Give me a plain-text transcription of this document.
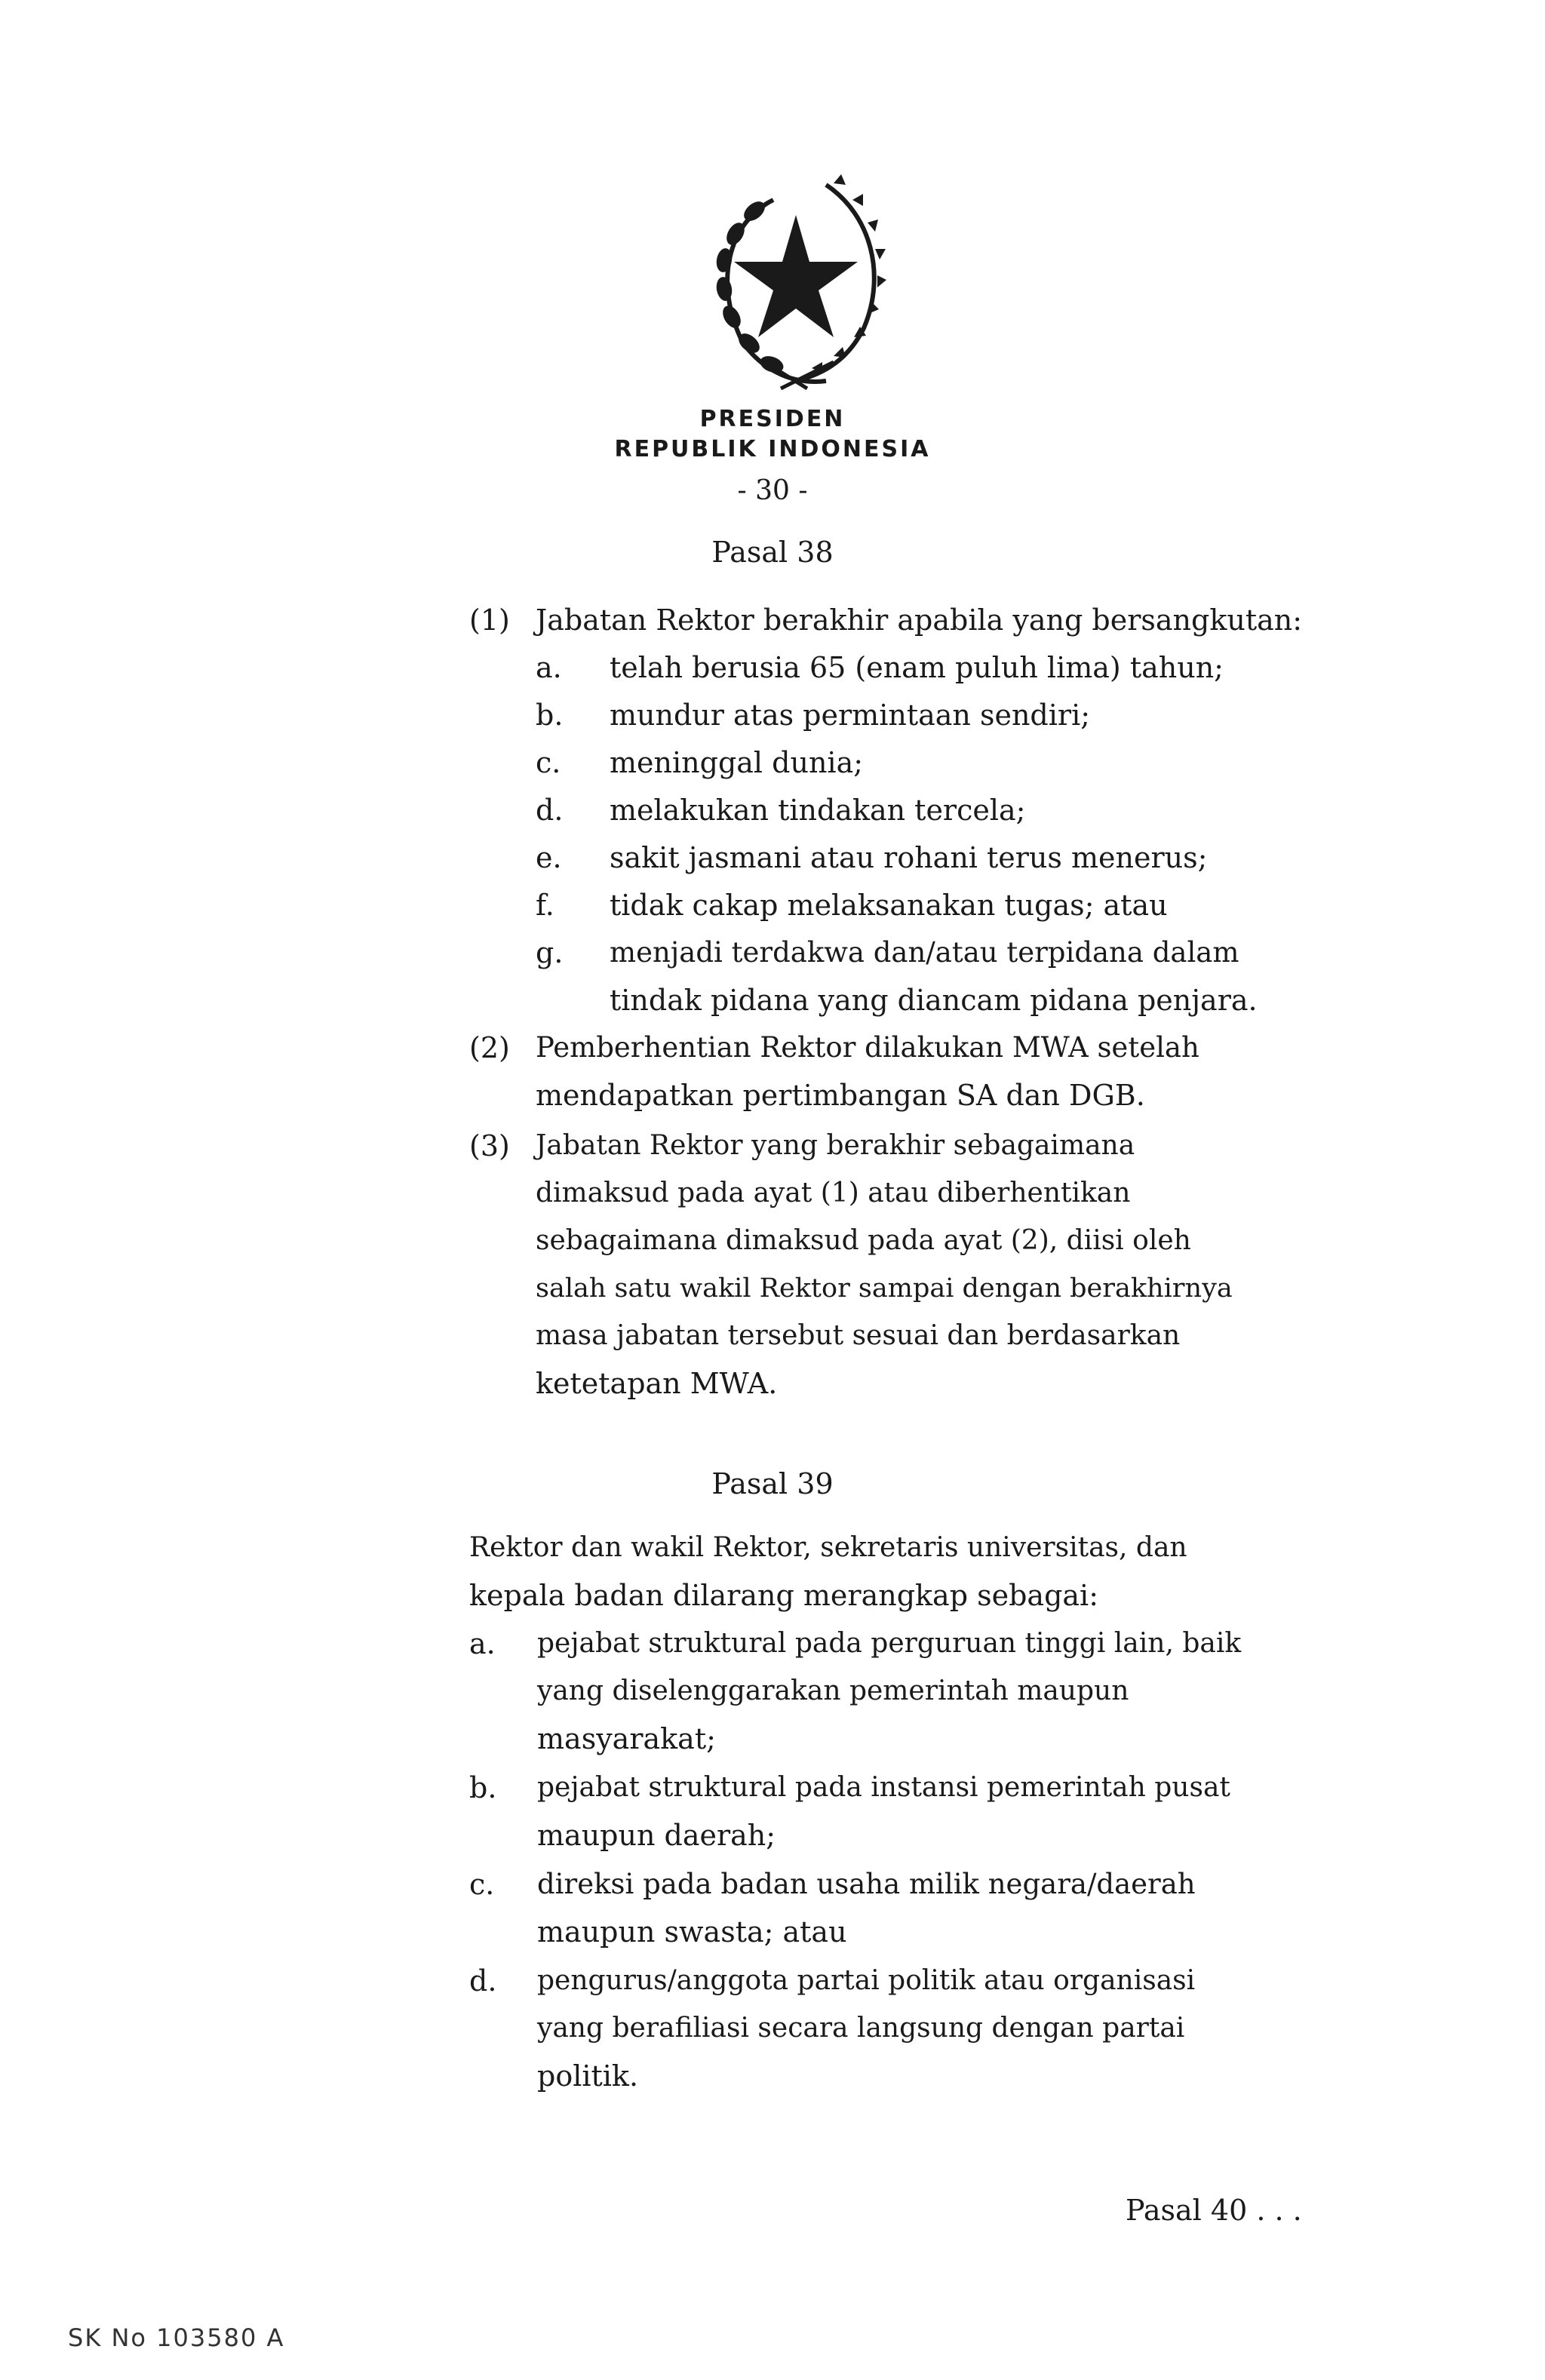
PRESIDEN
REPUBLIK INDONESIA
- 30 -
Pasal 38
(1) Jabatan Rektor berakhir apabila yang bersangkutan:
a. telah berusia 65 (enam puluh lima) tahun;
b. mundur atas permintaan sendiri;
c. meninggal dunia;
d. melakukan tindakan tercela;
e. sakit jasmani atau rohani terus menerus;
f. tidak cakap melaksanakan tugas; atau
g. menjadi terdakwa dan/atau terpidana dalam
tindak pidana yang diancam pidana penjara.
(2) Pemberhentian Rektor dilakukan MWA setelah
mendapatkan pertimbangan SA dan DGB.
(3) Jabatan Rektor yang berakhir sebagaimana
dimaksud pada ayat (1) atau diberhentikan
sebagaimana dimaksud pada ayat (2), diisi oleh
salah satu wakil Rektor sampai dengan berakhirnya
masa jabatan tersebut sesuai dan berdasarkan
ketetapan MWA.
Pasal 39
Rektor dan wakil Rektor, sekretaris universitas, dan
kepala badan dilarang merangkap sebagai:
a. pejabat struktural pada perguruan tinggi lain, baik
yang diselenggarakan pemerintah maupun
masyarakat;
b. pejabat struktural pada instansi pemerintah pusat
maupun daerah;
c. direksi pada badan usaha milik negara/daerah
maupun swasta; atau
d. pengurus/anggota partai politik atau organisasi
yang berafiliasi secara langsung dengan partai
politik.
Pasal 40 . . .
SK No 103580 A
